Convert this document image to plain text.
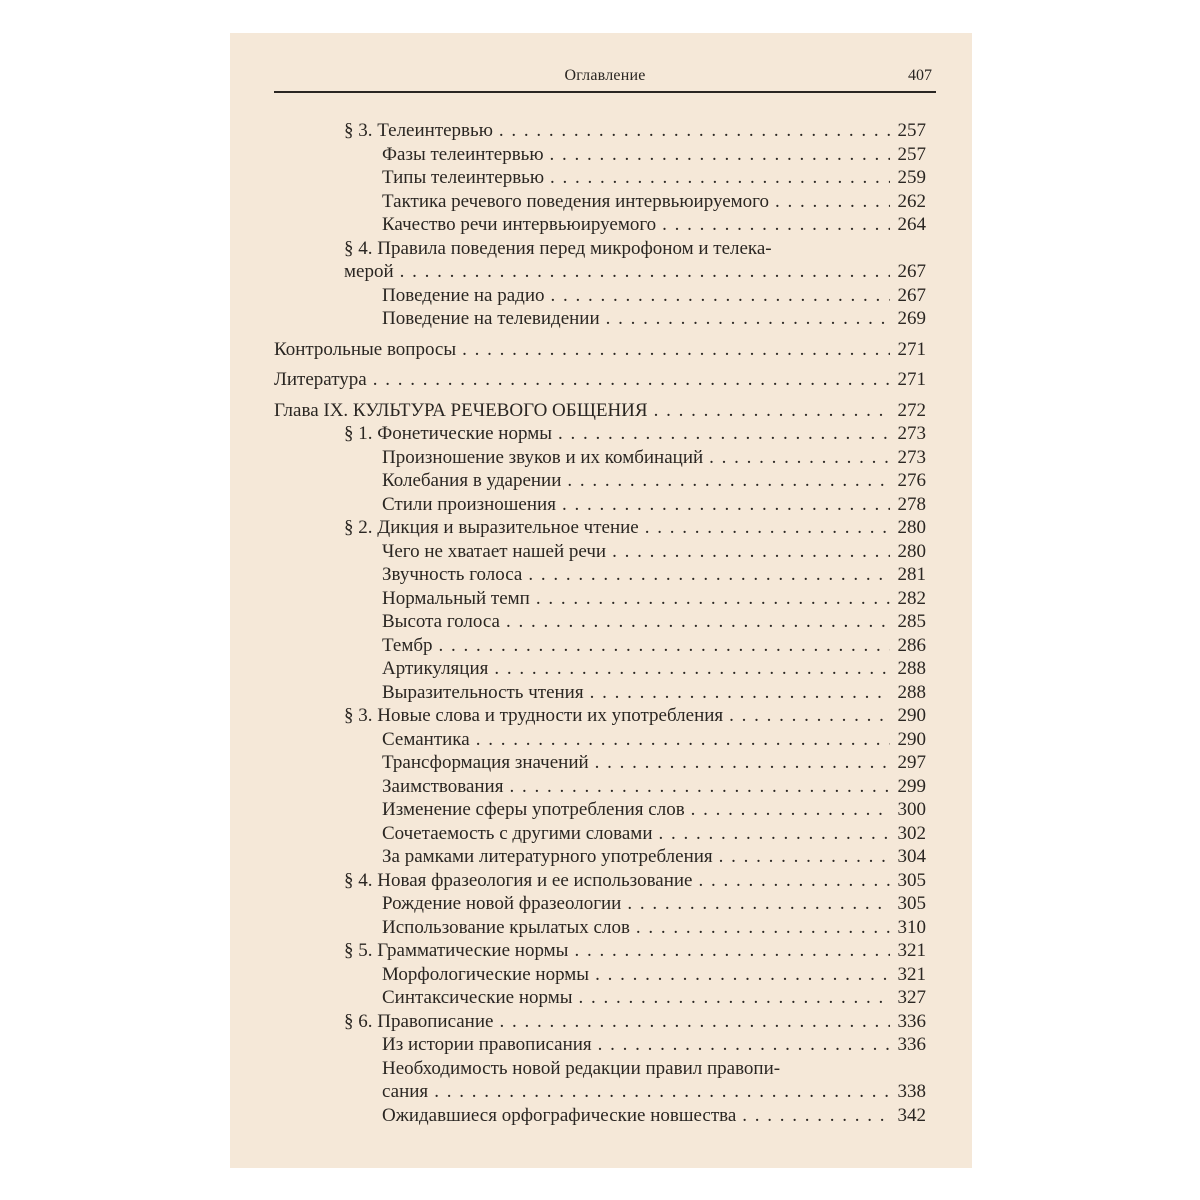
Оглавление	407
§ 3. Телеинтервью . . .	257
Фазы телеинтервью . . .	257
Типы телеинтервью . . .	259
Тактика речевого поведения интервьюируемого . . .	262
Качество речи интервьюируемого . . .	264
§ 4. Правила поведения перед микрофоном и телека-
мерой . . .	267
Поведение на радио . . .	267
Поведение на телевидении . . .	269
Контрольные вопросы . . .	271
Литература . . .	271
Глава IX. КУЛЬТУРА РЕЧЕВОГО ОБЩЕНИЯ . . .	272
§ 1. Фонетические нормы . . .	273
Произношение звуков и их комбинаций . . .	273
Колебания в ударении . . .	276
Стили произношения . . .	278
§ 2. Дикция и выразительное чтение . . .	280
Чего не хватает нашей речи . . .	280
Звучность голоса . . .	281
Нормальный темп . . .	282
Высота голоса . . .	285
Тембр . . .	286
Артикуляция . . .	288
Выразительность чтения . . .	288
§ 3. Новые слова и трудности их употребления . . .	290
Семантика . . .	290
Трансформация значений . . .	297
Заимствования . . .	299
Изменение сферы употребления слов . . .	300
Сочетаемость с другими словами . . .	302
За рамками литературного употребления . . .	304
§ 4. Новая фразеология и ее использование . . .	305
Рождение новой фразеологии . . .	305
Использование крылатых слов . . .	310
§ 5. Грамматические нормы . . .	321
Морфологические нормы . . .	321
Синтаксические нормы . . .	327
§ 6. Правописание . . .	336
Из истории правописания . . .	336
Необходимость новой редакции правил правопи-
сания . . .	338
Ожидавшиеся орфографические новшества . . .	342
